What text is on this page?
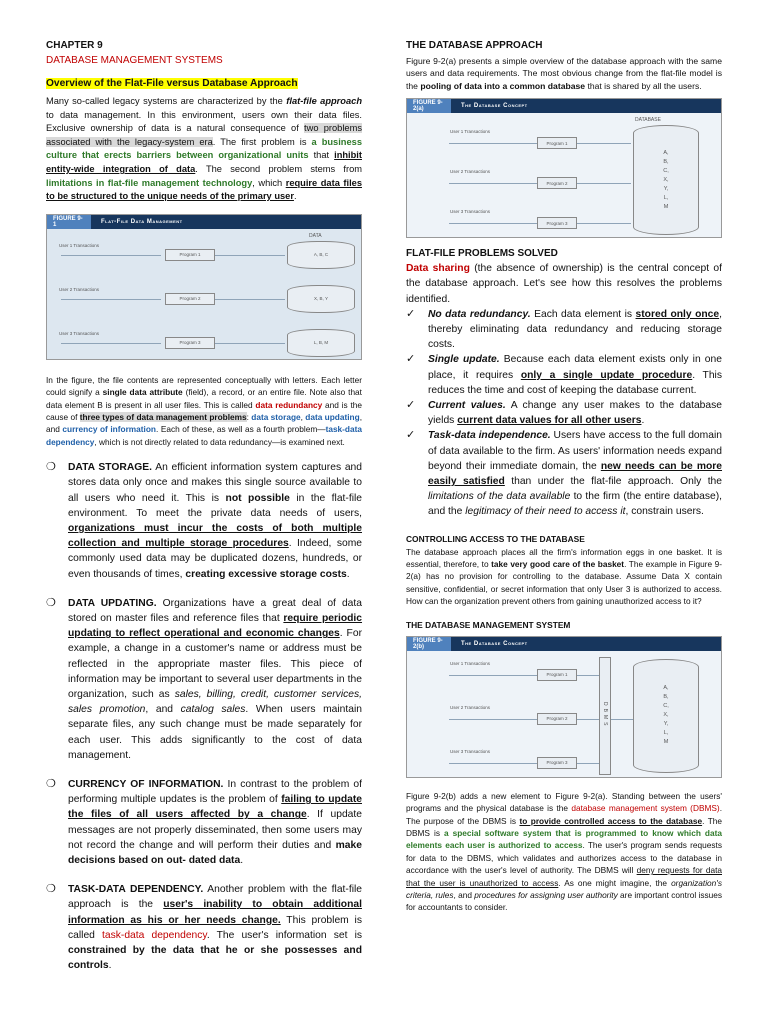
CHAPTER 9
DATABASE MANAGEMENT SYSTEMS
Overview of the Flat-File versus Database Approach

Many so-called legacy systems are characterized by the flat-file approach to data management. In this environment, users own their data files. Exclusive ownership of data is a natural consequence of two problems associated with the legacy-system era. The first problem is a business culture that erects barriers between organizational units that inhibit entity-wide integration of data. The second problem stems from limitations in flat-file management technology, which require data files to be structured to the unique needs of the primary user.

FIGURE 9-1	Flat-File Data Management
DATA
User 1 Transactions
User 2 Transactions
User 3 Transactions
Program 1
Program 2
Program 3
A, B, C
X, B, Y
L, B, M

In the figure, the file contents are represented conceptually with letters. Each letter could signify a single data attribute (field), a record, or an entire file. Note also that data element B is present in all user files. This is called data redundancy and is the cause of three types of data management problems: data storage, data updating, and currency of information. Each of these, as well as a fourth problem—task-data dependency, which is not directly related to data redundancy—is examined next.

❍	DATA STORAGE. An efficient information system captures and stores data only once and makes this single source available to all users who need it. This is not possible in the flat-file environment. To meet the private data needs of users, organizations must incur the costs of both multiple collection and multiple storage procedures. Indeed, some commonly used data may be duplicated dozens, hundreds, or even thousands of times, creating excessive storage costs.

❍	DATA UPDATING. Organizations have a great deal of data stored on master files and reference files that require periodic updating to reflect operational and economic changes. For example, a change in a customer's name or address must be reflected in the appropriate master files. This piece of information may be important to several user departments in the organization, such as sales, billing, credit, customer services, sales promotion, and catalog sales. When users maintain separate files, any such change must be made separately for each user. This adds significantly to the cost of data management.

❍	CURRENCY OF INFORMATION. In contrast to the problem of performing multiple updates is the problem of failing to update the files of all users affected by a change. If update messages are not properly disseminated, then some users may not record the change and will perform their duties and make decisions based on out- dated data.

❍	TASK-DATA DEPENDENCY. Another problem with the flat-file approach is the user's inability to obtain additional information as his or her needs change. This problem is called task-data dependency. The user's information set is constrained by the data that he or she possesses and controls.

THE DATABASE APPROACH

Figure 9-2(a) presents a simple overview of the database approach with the same users and data requirements. The most obvious change from the flat-file model is the pooling of data into a common database that is shared by all the users.

FIGURE 9-2(a)	The Database Concept
DATABASE
User 1 Transactions
User 2 Transactions
User 3 Transactions
Program 1
Program 2
Program 3
A,
B,
C,
X,
Y,
L,
M
FLAT-FILE PROBLEMS SOLVED

Data sharing (the absence of ownership) is the central concept of the database approach. Let's see how this resolves the problems identified.

✓	No data redundancy. Each data element is stored only once, thereby eliminating data redundancy and reducing storage costs.

✓	Single update. Because each data element exists only in one place, it requires only a single update procedure. This reduces the time and cost of keeping the database current.

✓	Current values. A change any user makes to the database yields current data values for all other users.

✓	Task-data independence. Users have access to the full domain of data available to the firm. As users' information needs expand beyond their immediate domain, the new needs can be more easily satisfied than under the flat-file approach. Only the limitations of the data available to the firm (the entire database), and the legitimacy of their need to access it, constrain users.

CONTROLLING ACCESS TO THE DATABASE

The database approach places all the firm's information eggs in one basket. It is essential, therefore, to take very good care of the basket. The example in Figure 9-2(a) has no provision for controlling to the database. Assume Data X contain sensitive, confidential, or secret information that only User 3 is authorized to access. How can the organization prevent others from gaining unauthorized access to it?

THE DATABASE MANAGEMENT SYSTEM
FIGURE 9-2(b)	The Database Concept
User 1 Transactions
User 2 Transactions
User 3 Transactions
Program 1
Program 2
Program 3
DBMS
A,
B,
C,
X,
Y,
L,
M

Figure 9-2(b) adds a new element to Figure 9-2(a). Standing between the users' programs and the physical database is the database management system (DBMS). The purpose of the DBMS is to provide controlled access to the database. The DBMS is a special software system that is programmed to know which data elements each user is authorized to access. The user's program sends requests for data to the DBMS, which validates and authorizes access to the database in accordance with the user's level of authority. The DBMS will deny requests for data that the user is unauthorized to access. As one might imagine, the organization's criteria, rules, and procedures for assigning user authority are important control issues for accountants to consider.
